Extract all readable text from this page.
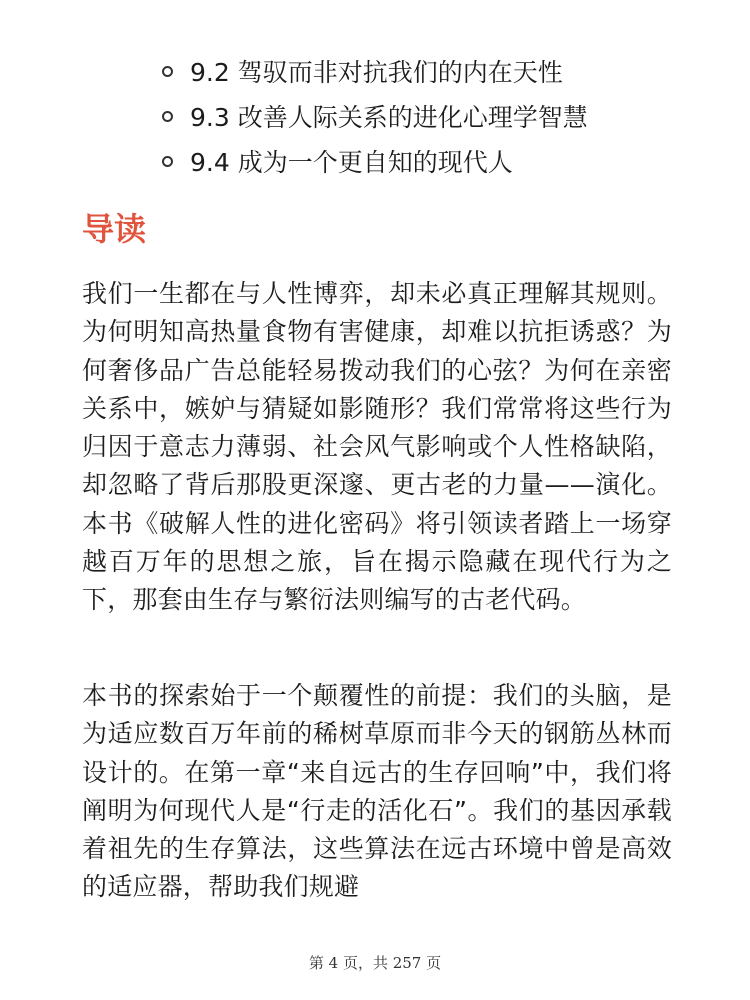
9.2 驾驭而非对抗我们的内在天性
9.3 改善人际关系的进化心理学智慧
9.4 成为一个更自知的现代人
导读

我们一生都在与人性博弈，却未必真正理解其规则。为何明知高热量食物有害健康，却难以抗拒诱惑？为何奢侈品广告总能轻易拨动我们的心弦？为何在亲密关系中，嫉妒与猜疑如影随形？我们常常将这些行为归因于意志力薄弱、社会风气影响或个人性格缺陷，却忽略了背后那股更深邃、更古老的力量——演化。本书《破解人性的进化密码》将引领读者踏上一场穿越百万年的思想之旅，旨在揭示隐藏在现代行为之下，那套由生存与繁衍法则编写的古老代码。

本书的探索始于一个颠覆性的前提：我们的头脑，是为适应数百万年前的稀树草原而非今天的钢筋丛林而设计的。在第一章“来自远古的生存回响”中，我们将阐明为何现代人是“行走的活化石”。我们的基因承载着祖先的生存算法，这些算法在远古环境中曾是高效的适应器，帮助我们规避

第 4 页，共 257 页
